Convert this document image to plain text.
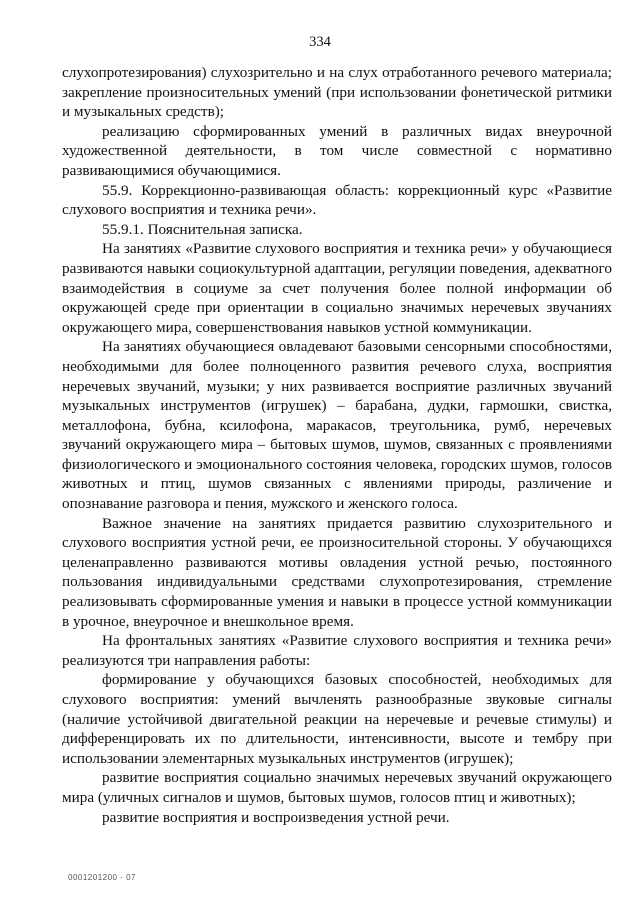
334

слухопротезирования) слухозрительно и на слух отработанного речевого материала; закрепление произносительных умений (при использовании фонетической ритмики и музыкальных средств);

реализацию сформированных умений в различных видах внеурочной художественной деятельности, в том числе совместной с нормативно развивающимися обучающимися.

55.9. Коррекционно-развивающая область: коррекционный курс «Развитие слухового восприятия и техника речи».

55.9.1. Пояснительная записка.

На занятиях «Развитие слухового восприятия и техника речи» у обучающиеся развиваются навыки социокультурной адаптации, регуляции поведения, адекватного взаимодействия в социуме за счет получения более полной информации об окружающей среде при ориентации в социально значимых неречевых звучаниях окружающего мира, совершенствования навыков устной коммуникации.

На занятиях обучающиеся овладевают базовыми сенсорными способностями, необходимыми для более полноценного развития речевого слуха, восприятия неречевых звучаний, музыки; у них развивается восприятие различных звучаний музыкальных инструментов (игрушек) – барабана, дудки, гармошки, свистка, металлофона, бубна, ксилофона, маракасов, треугольника, румб, неречевых звучаний окружающего мира – бытовых шумов, шумов, связанных с проявлениями физиологического и эмоционального состояния человека, городских шумов, голосов животных и птиц, шумов связанных с явлениями природы, различение и опознавание разговора и пения, мужского и женского голоса.

Важное значение на занятиях придается развитию слухозрительного и слухового восприятия устной речи, ее произносительной стороны. У обучающихся целенаправленно развиваются мотивы овладения устной речью, постоянного пользования индивидуальными средствами слухопротезирования, стремление реализовывать сформированные умения и навыки в процессе устной коммуникации в урочное, внеурочное и внешкольное время.

На фронтальных занятиях «Развитие слухового восприятия и техника речи» реализуются три направления работы:

формирование у обучающихся базовых способностей, необходимых для слухового восприятия: умений вычленять разнообразные звуковые сигналы (наличие устойчивой двигательной реакции на неречевые и речевые стимулы) и дифференцировать их по длительности, интенсивности, высоте и тембру при использовании элементарных музыкальных инструментов (игрушек);

развитие восприятия социально значимых неречевых звучаний окружающего мира (уличных сигналов и шумов, бытовых шумов, голосов птиц и животных);

развитие восприятия и воспроизведения устной речи.

0001201200 - 07
